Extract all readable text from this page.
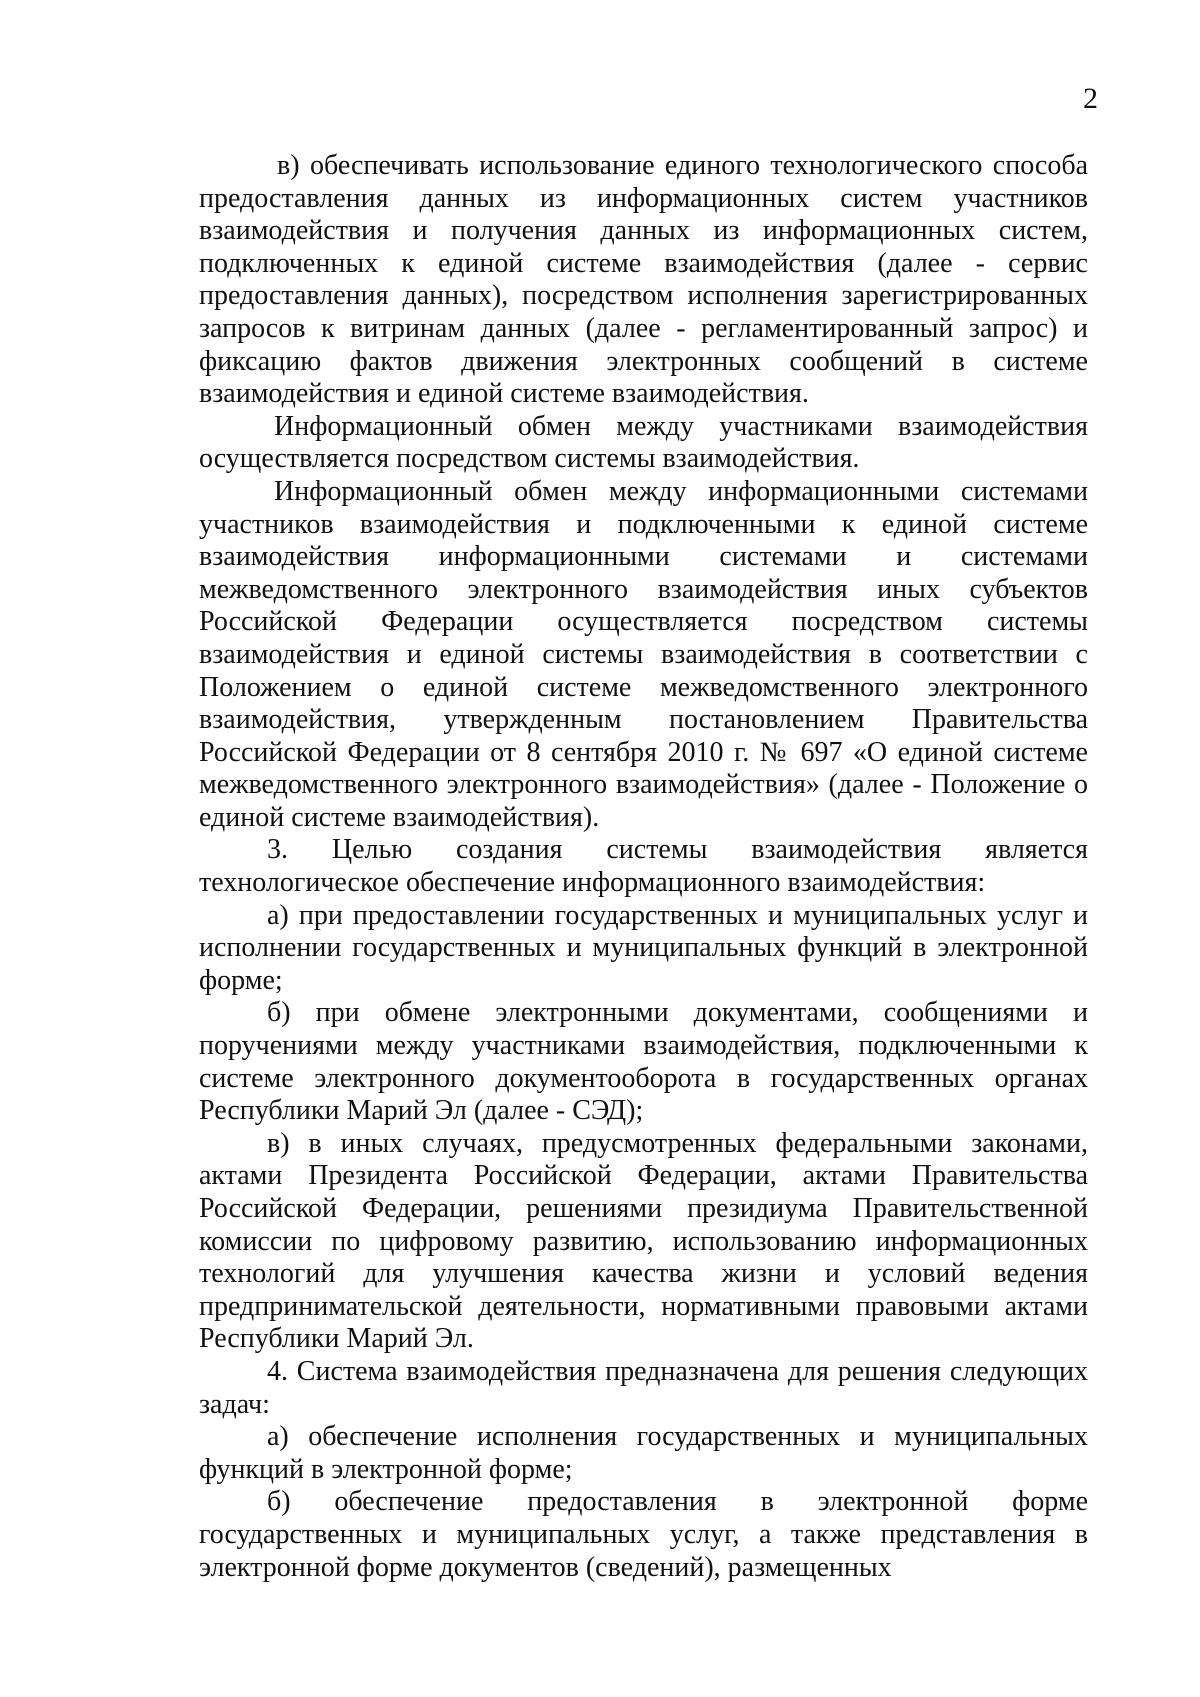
2

в) обеспечивать использование единого технологического способа предоставления данных из информационных систем участников взаимодействия и получения данных из информационных систем, подключенных к единой системе взаимодействия (далее - сервис предоставления данных), посредством исполнения зарегистрированных запросов к витринам данных (далее - регламентированный запрос) и фиксацию фактов движения электронных сообщений в системе взаимодействия и единой системе взаимодействия.

Информационный обмен между участниками взаимодействия осуществляется посредством системы взаимодействия.

Информационный обмен между информационными системами участников взаимодействия и подключенными к единой системе взаимодействия информационными системами и системами межведомственного электронного взаимодействия иных субъектов Российской Федерации осуществляется посредством системы взаимодействия и единой системы взаимодействия в соответствии с Положением о единой системе межведомственного электронного взаимодействия, утвержденным постановлением Правительства Российской Федерации от 8 сентября 2010 г. № 697 «О единой системе межведомственного электронного взаимодействия» (далее - Положение о единой системе взаимодействия).

3. Целью создания системы взаимодействия является технологическое обеспечение информационного взаимодействия:

а) при предоставлении государственных и муниципальных услуг и исполнении государственных и муниципальных функций в электронной форме;

б) при обмене электронными документами, сообщениями и поручениями между участниками взаимодействия, подключенными к системе электронного документооборота в государственных органах Республики Марий Эл (далее - СЭД);

в) в иных случаях, предусмотренных федеральными законами, актами Президента Российской Федерации, актами Правительства Российской Федерации, решениями президиума Правительственной комиссии по цифровому развитию, использованию информационных технологий для улучшения качества жизни и условий ведения предпринимательской деятельности, нормативными правовыми актами Республики Марий Эл.

4. Система взаимодействия предназначена для решения следующих задач:

а) обеспечение исполнения государственных и муниципальных функций в электронной форме;

б) обеспечение предоставления в электронной форме государственных и муниципальных услуг, а также представления в электронной форме документов (сведений), размещенных
